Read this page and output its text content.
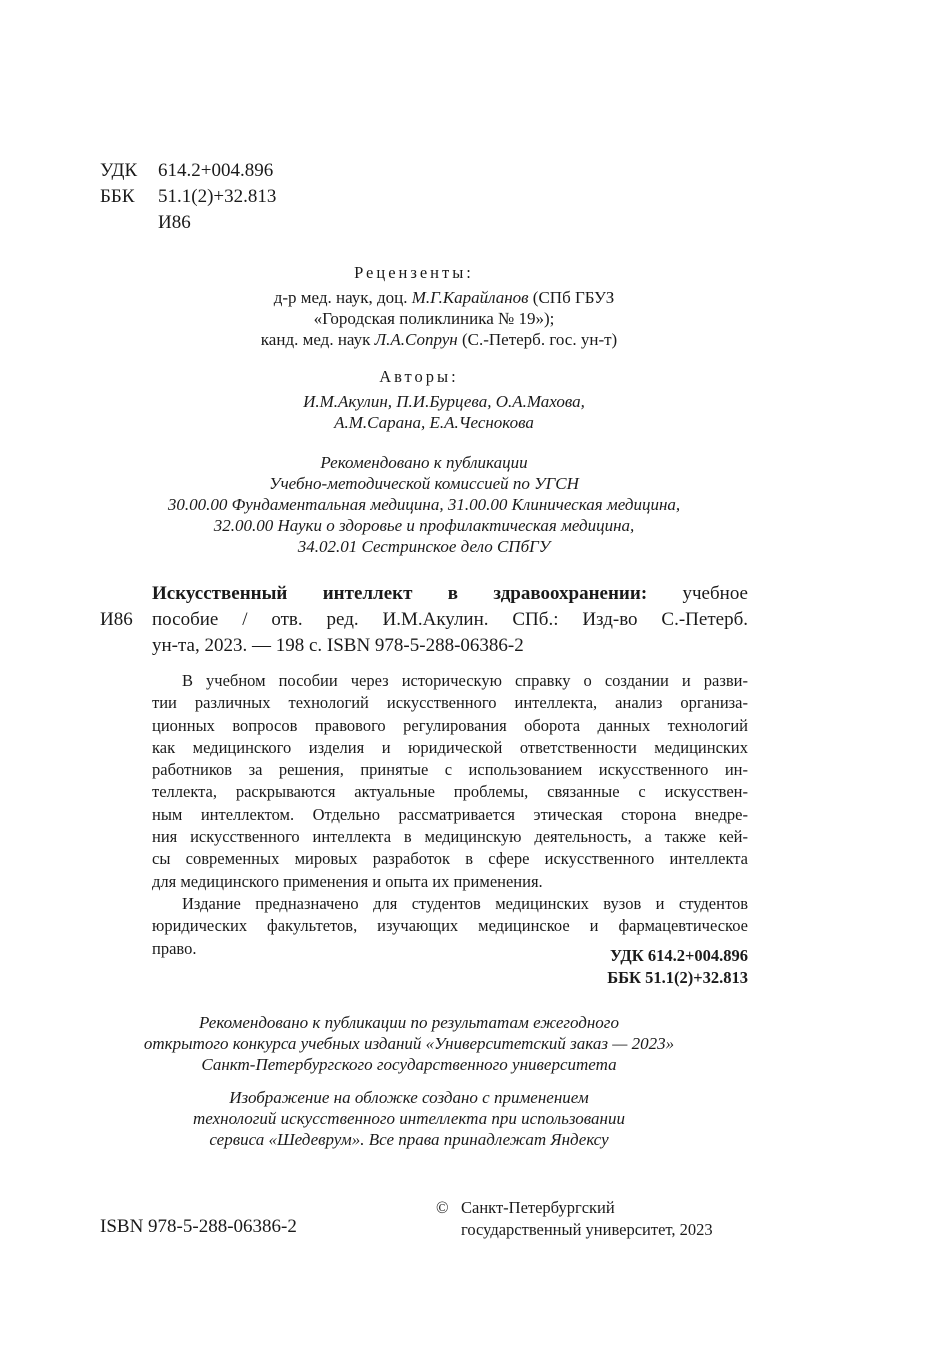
УДК 614.2+004.896
ББК 51.1(2)+32.813
И86
Рецензенты:
д-р мед. наук, доц. М.Г.Карайланов (СПб ГБУЗ
«Городская поликлиника № 19»);
канд. мед. наук Л.А.Сопрун (С.-Петерб. гос. ун-т)
Авторы:
И.М.Акулин, П.И.Бурцева, О.А.Махова,
А.М.Сарана, Е.А.Чеснокова
Рекомендовано к публикации
Учебно-методической комиссией по УГСН
30.00.00 Фундаментальная медицина, 31.00.00 Клиническая медицина,
32.00.00 Науки о здоровье и профилактическая медицина,
34.02.01 Сестринское дело СПбГУ
Искусственный интеллект в здравоохранении: учебное
пособие / отв. ред. И.М.Акулин. СПб.: Изд-во С.-Петерб.
ун-та, 2023. — 198 с. ISBN 978-5-288-06386-2
И86

В учебном пособии через историческую справку о создании и разви-

тии различных технологий искусственного интеллекта, анализ организа-

ционных вопросов правового регулирования оборота данных технологий

как медицинского изделия и юридической ответственности медицинских

работников за решения, принятые с использованием искусственного ин-

теллекта, раскрываются актуальные проблемы, связанные с искусствен-

ным интеллектом. Отдельно рассматривается этическая сторона внедре-

ния искусственного интеллекта в медицинскую деятельность, а также кей-

сы современных мировых разработок в сфере искусственного интеллекта

для медицинского применения и опыта их применения.

Издание предназначено для студентов медицинских вузов и студентов

юридических факультетов, изучающих медицинское и фармацевтическое

право.	УДК 614.2+004.896
ББК 51.1(2)+32.813
Рекомендовано к публикации по результатам ежегодного
открытого конкурса учебных изданий «Университетский заказ — 2023»
Санкт-Петербургского государственного университета
Изображение на обложке создано с применением
технологий искусственного интеллекта при использовании
сервиса «Шедеврум». Все права принадлежат Яндексу
ISBN 978-5-288-06386-2
© Санкт-Петербургский
государственный университет, 2023
